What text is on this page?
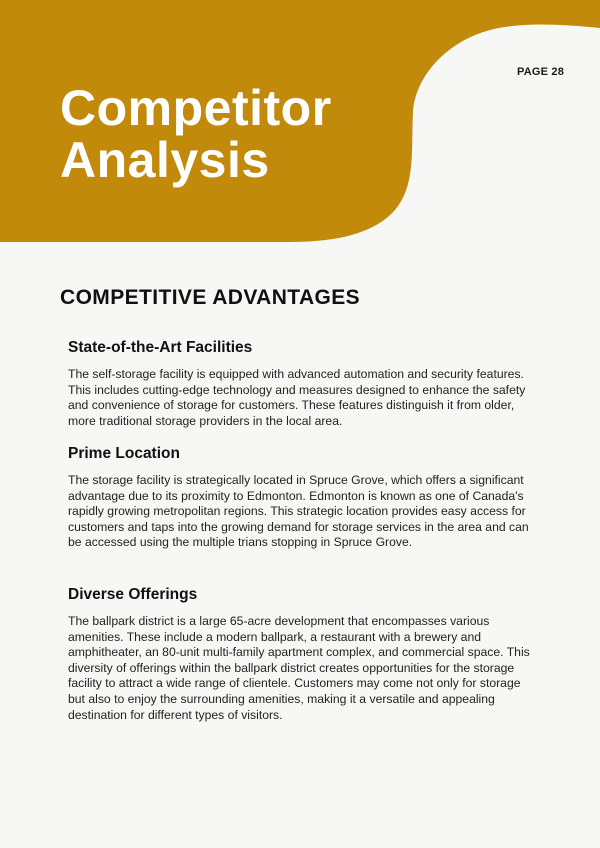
PAGE 28
Competitor
Analysis
COMPETITIVE ADVANTAGES
State-of-the-Art Facilities

The self-storage facility is equipped with advanced automation and security features. This includes cutting-edge technology and measures designed to enhance the safety and convenience of storage for customers. These features distinguish it from older, more traditional storage providers in the local area.

Prime Location

The storage facility is strategically located in Spruce Grove, which offers a significant advantage due to its proximity to Edmonton. Edmonton is known as one of Canada's rapidly growing metropolitan regions. This strategic location provides easy access for customers and taps into the growing demand for storage services in the area and can be accessed using the multiple trians stopping in Spruce Grove.

Diverse Offerings

The ballpark district is a large 65-acre development that encompasses various amenities. These include a modern ballpark, a restaurant with a brewery and amphitheater, an 80-unit multi-family apartment complex, and commercial space. This diversity of offerings within the ballpark district creates opportunities for the storage facility to attract a wide range of clientele. Customers may come not only for storage but also to enjoy the surrounding amenities, making it a versatile and appealing destination for different types of visitors.
